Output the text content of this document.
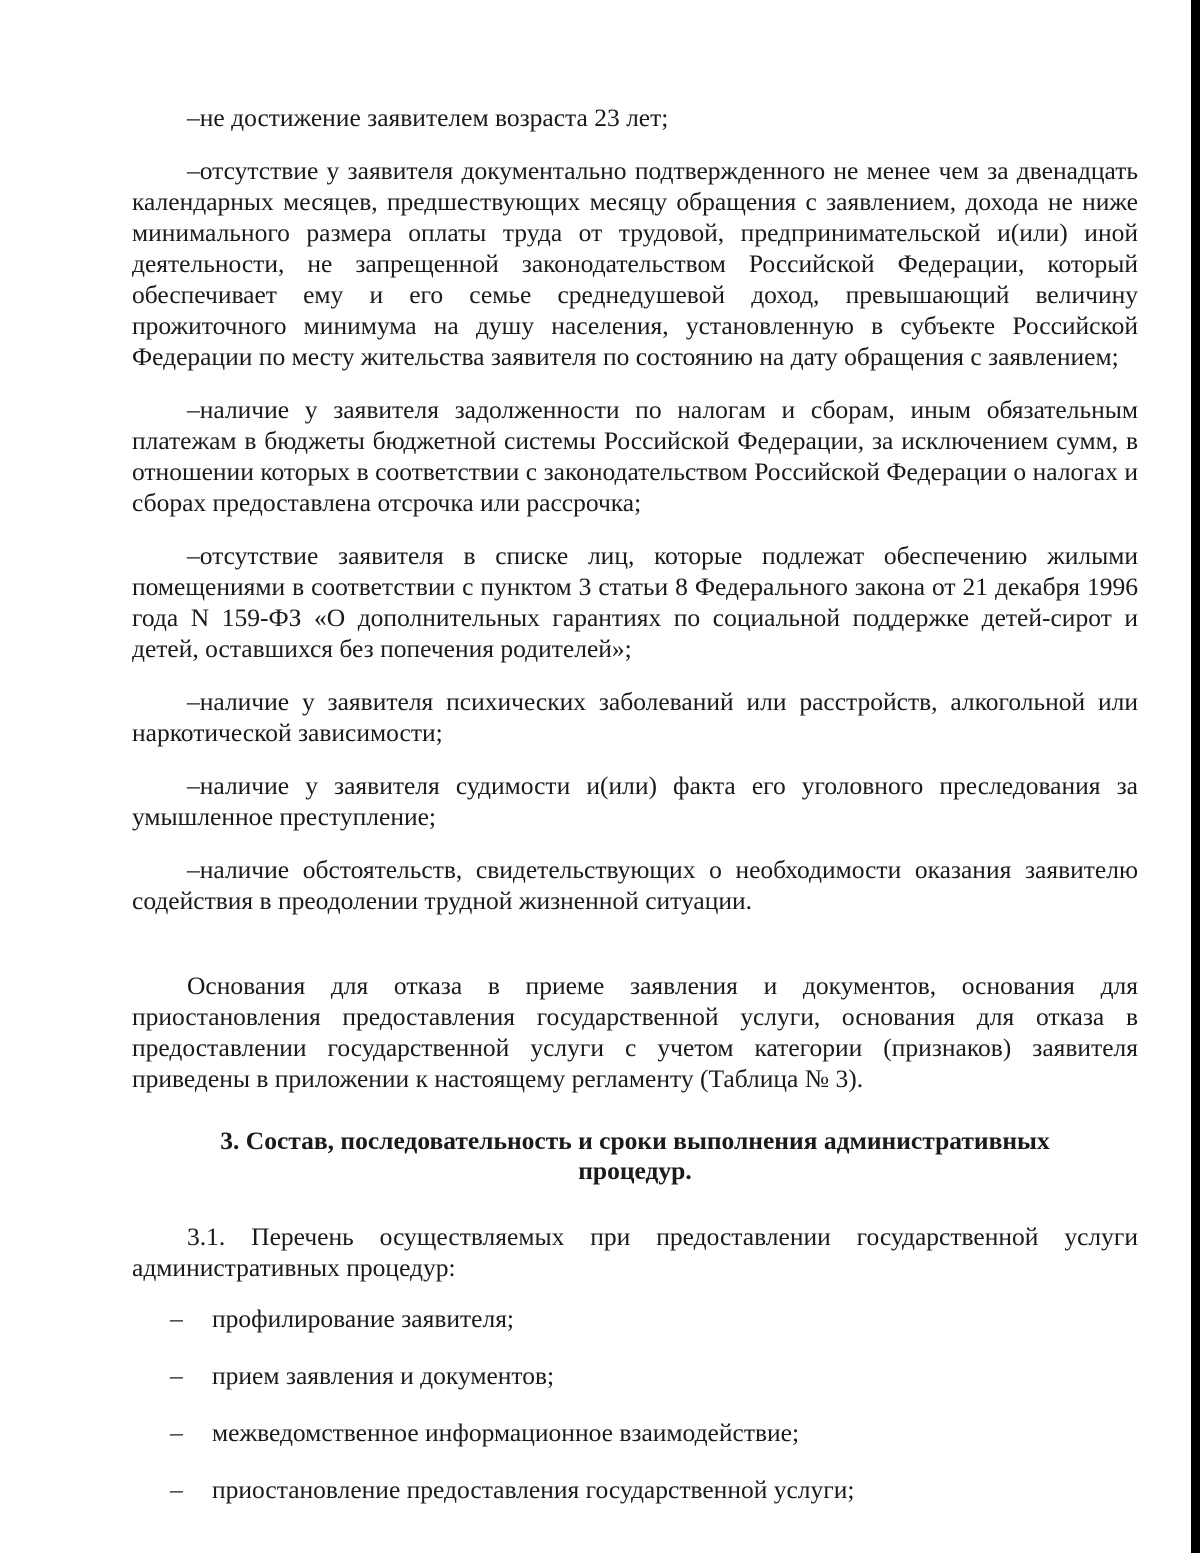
–не достижение заявителем возраста 23 лет;

–отсутствие у заявителя документально подтвержденного не менее чем за двенадцать календарных месяцев, предшествующих месяцу обращения с заявлением, дохода не ниже минимального размера оплаты труда от трудовой, предпринимательской и(или) иной деятельности, не запрещенной законодательством Российской Федерации, который обеспечивает ему и его семье среднедушевой доход, превышающий величину прожиточного минимума на душу населения, установленную в субъекте Российской Федерации по месту жительства заявителя по состоянию на дату обращения с заявлением;

–наличие у заявителя задолженности по налогам и сборам, иным обязательным платежам в бюджеты бюджетной системы Российской Федерации, за исключением сумм, в отношении которых в соответствии с законодательством Российской Федерации о налогах и сборах предоставлена отсрочка или рассрочка;

–отсутствие заявителя в списке лиц, которые подлежат обеспечению жилыми помещениями в соответствии с пунктом 3 статьи 8 Федерального закона от 21 декабря 1996 года N 159-ФЗ «О дополнительных гарантиях по социальной поддержке детей-сирот и детей, оставшихся без попечения родителей»;

–наличие у заявителя психических заболеваний или расстройств, алкогольной или наркотической зависимости;

–наличие у заявителя судимости и(или) факта его уголовного преследования за умышленное преступление;

–наличие обстоятельств, свидетельствующих о необходимости оказания заявителю содействия в преодолении трудной жизненной ситуации.

Основания для отказа в приеме заявления и документов, основания для приостановления предоставления государственной услуги, основания для отказа в предоставлении государственной услуги с учетом категории (признаков) заявителя приведены в приложении к настоящему регламенту (Таблица № 3).

3. Состав, последовательность и сроки выполнения административных
процедур.

3.1. Перечень осуществляемых при предоставлении государственной услуги административных процедур:

– профилирование заявителя;
– прием заявления и документов;
– межведомственное информационное взаимодействие;
– приостановление предоставления государственной услуги;
